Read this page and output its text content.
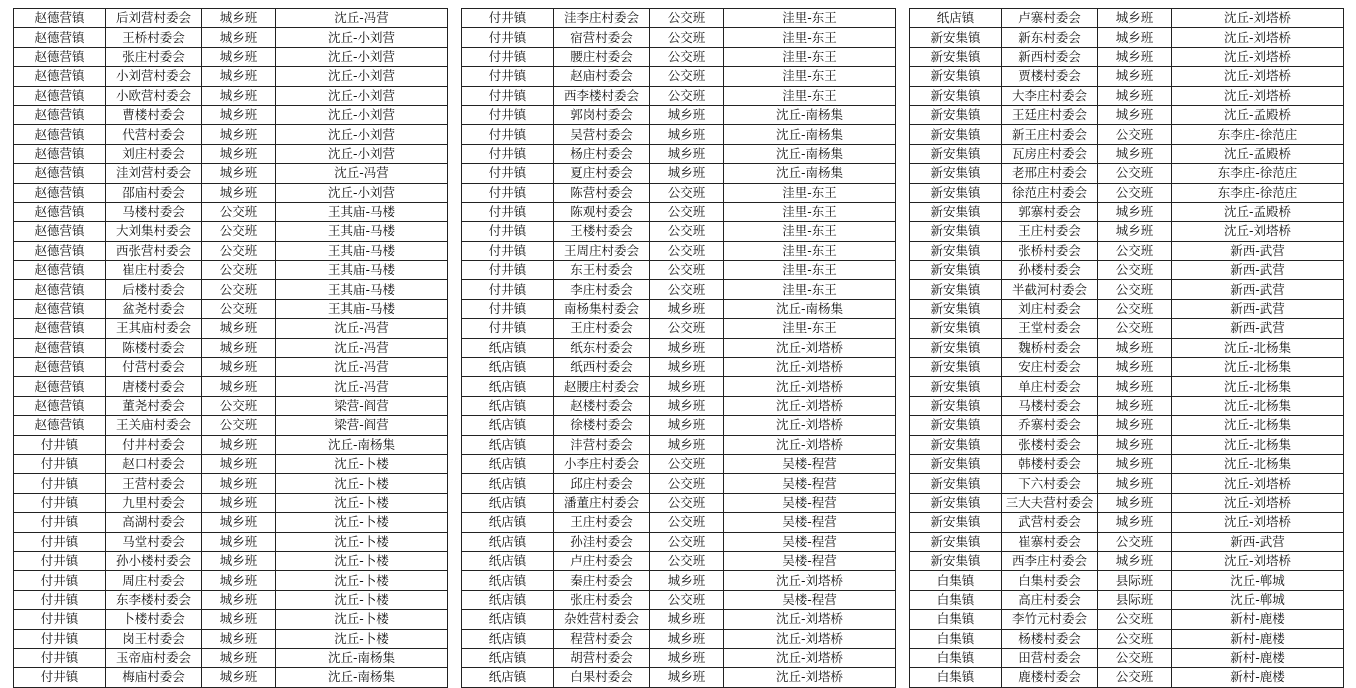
赵德营镇	后刘营村委会	城乡班	沈丘-冯营
赵德营镇	王桥村委会	城乡班	沈丘-小刘营
赵德营镇	张庄村委会	城乡班	沈丘-小刘营
赵德营镇	小刘营村委会	城乡班	沈丘-小刘营
赵德营镇	小欧营村委会	城乡班	沈丘-小刘营
赵德营镇	曹楼村委会	城乡班	沈丘-小刘营
赵德营镇	代营村委会	城乡班	沈丘-小刘营
赵德营镇	刘庄村委会	城乡班	沈丘-小刘营
赵德营镇	洼刘营村委会	城乡班	沈丘-冯营
赵德营镇	邵庙村委会	城乡班	沈丘-小刘营
赵德营镇	马楼村委会	公交班	王其庙-马楼
赵德营镇	大刘集村委会	公交班	王其庙-马楼
赵德营镇	西张营村委会	公交班	王其庙-马楼
赵德营镇	崔庄村委会	公交班	王其庙-马楼
赵德营镇	后楼村委会	公交班	王其庙-马楼
赵德营镇	盆尧村委会	公交班	王其庙-马楼
赵德营镇	王其庙村委会	城乡班	沈丘-冯营
赵德营镇	陈楼村委会	城乡班	沈丘-冯营
赵德营镇	付营村委会	城乡班	沈丘-冯营
赵德营镇	唐楼村委会	城乡班	沈丘-冯营
赵德营镇	董尧村委会	公交班	梁营-阎营
赵德营镇	王关庙村委会	公交班	梁营-阎营
付井镇	付井村委会	城乡班	沈丘-南杨集
付井镇	赵口村委会	城乡班	沈丘-卜楼
付井镇	王营村委会	城乡班	沈丘-卜楼
付井镇	九里村委会	城乡班	沈丘-卜楼
付井镇	高湖村委会	城乡班	沈丘-卜楼
付井镇	马堂村委会	城乡班	沈丘-卜楼
付井镇	孙小楼村委会	城乡班	沈丘-卜楼
付井镇	周庄村委会	城乡班	沈丘-卜楼
付井镇	东李楼村委会	城乡班	沈丘-卜楼
付井镇	卜楼村委会	城乡班	沈丘-卜楼
付井镇	岗王村委会	城乡班	沈丘-卜楼
付井镇	玉帝庙村委会	城乡班	沈丘-南杨集
付井镇	梅庙村委会	城乡班	沈丘-南杨集
付井镇	洼李庄村委会	公交班	洼里-东王
付井镇	宿营村委会	公交班	洼里-东王
付井镇	腰庄村委会	公交班	洼里-东王
付井镇	赵庙村委会	公交班	洼里-东王
付井镇	西李楼村委会	公交班	洼里-东王
付井镇	郭岗村委会	城乡班	沈丘-南杨集
付井镇	吴营村委会	城乡班	沈丘-南杨集
付井镇	杨庄村委会	城乡班	沈丘-南杨集
付井镇	夏庄村委会	城乡班	沈丘-南杨集
付井镇	陈营村委会	公交班	洼里-东王
付井镇	陈观村委会	公交班	洼里-东王
付井镇	王楼村委会	公交班	洼里-东王
付井镇	王周庄村委会	公交班	洼里-东王
付井镇	东王村委会	公交班	洼里-东王
付井镇	李庄村委会	公交班	洼里-东王
付井镇	南杨集村委会	城乡班	沈丘-南杨集
付井镇	王庄村委会	公交班	洼里-东王
纸店镇	纸东村委会	城乡班	沈丘-刘塔桥
纸店镇	纸西村委会	城乡班	沈丘-刘塔桥
纸店镇	赵腰庄村委会	城乡班	沈丘-刘塔桥
纸店镇	赵楼村委会	城乡班	沈丘-刘塔桥
纸店镇	徐楼村委会	城乡班	沈丘-刘塔桥
纸店镇	沣营村委会	城乡班	沈丘-刘塔桥
纸店镇	小李庄村委会	公交班	吴楼-程营
纸店镇	邱庄村委会	公交班	吴楼-程营
纸店镇	潘董庄村委会	公交班	吴楼-程营
纸店镇	王庄村委会	公交班	吴楼-程营
纸店镇	孙洼村委会	公交班	吴楼-程营
纸店镇	卢庄村委会	公交班	吴楼-程营
纸店镇	秦庄村委会	城乡班	沈丘-刘塔桥
纸店镇	张庄村委会	公交班	吴楼-程营
纸店镇	杂姓营村委会	城乡班	沈丘-刘塔桥
纸店镇	程营村委会	城乡班	沈丘-刘塔桥
纸店镇	胡营村委会	城乡班	沈丘-刘塔桥
纸店镇	白果村委会	城乡班	沈丘-刘塔桥
纸店镇	卢寨村委会	城乡班	沈丘-刘塔桥
新安集镇	新东村委会	城乡班	沈丘-刘塔桥
新安集镇	新西村委会	城乡班	沈丘-刘塔桥
新安集镇	贾楼村委会	城乡班	沈丘-刘塔桥
新安集镇	大李庄村委会	城乡班	沈丘-刘塔桥
新安集镇	王廷庄村委会	城乡班	沈丘-孟殿桥
新安集镇	新王庄村委会	公交班	东李庄-徐范庄
新安集镇	瓦房庄村委会	城乡班	沈丘-孟殿桥
新安集镇	老邢庄村委会	公交班	东李庄-徐范庄
新安集镇	徐范庄村委会	公交班	东李庄-徐范庄
新安集镇	郭寨村委会	城乡班	沈丘-孟殿桥
新安集镇	王庄村委会	城乡班	沈丘-刘塔桥
新安集镇	张桥村委会	公交班	新西-武营
新安集镇	孙楼村委会	公交班	新西-武营
新安集镇	半截河村委会	公交班	新西-武营
新安集镇	刘庄村委会	公交班	新西-武营
新安集镇	王堂村委会	公交班	新西-武营
新安集镇	魏桥村委会	城乡班	沈丘-北杨集
新安集镇	安庄村委会	城乡班	沈丘-北杨集
新安集镇	单庄村委会	城乡班	沈丘-北杨集
新安集镇	马楼村委会	城乡班	沈丘-北杨集
新安集镇	乔寨村委会	城乡班	沈丘-北杨集
新安集镇	张楼村委会	城乡班	沈丘-北杨集
新安集镇	韩楼村委会	城乡班	沈丘-北杨集
新安集镇	下六村委会	城乡班	沈丘-刘塔桥
新安集镇	三大夫营村委会	城乡班	沈丘-刘塔桥
新安集镇	武营村委会	城乡班	沈丘-刘塔桥
新安集镇	崔寨村委会	公交班	新西-武营
新安集镇	西李庄村委会	城乡班	沈丘-刘塔桥
白集镇	白集村委会	县际班	沈丘-郸城
白集镇	高庄村委会	县际班	沈丘-郸城
白集镇	李竹元村委会	公交班	新村-鹿楼
白集镇	杨楼村委会	公交班	新村-鹿楼
白集镇	田营村委会	公交班	新村-鹿楼
白集镇	鹿楼村委会	公交班	新村-鹿楼
